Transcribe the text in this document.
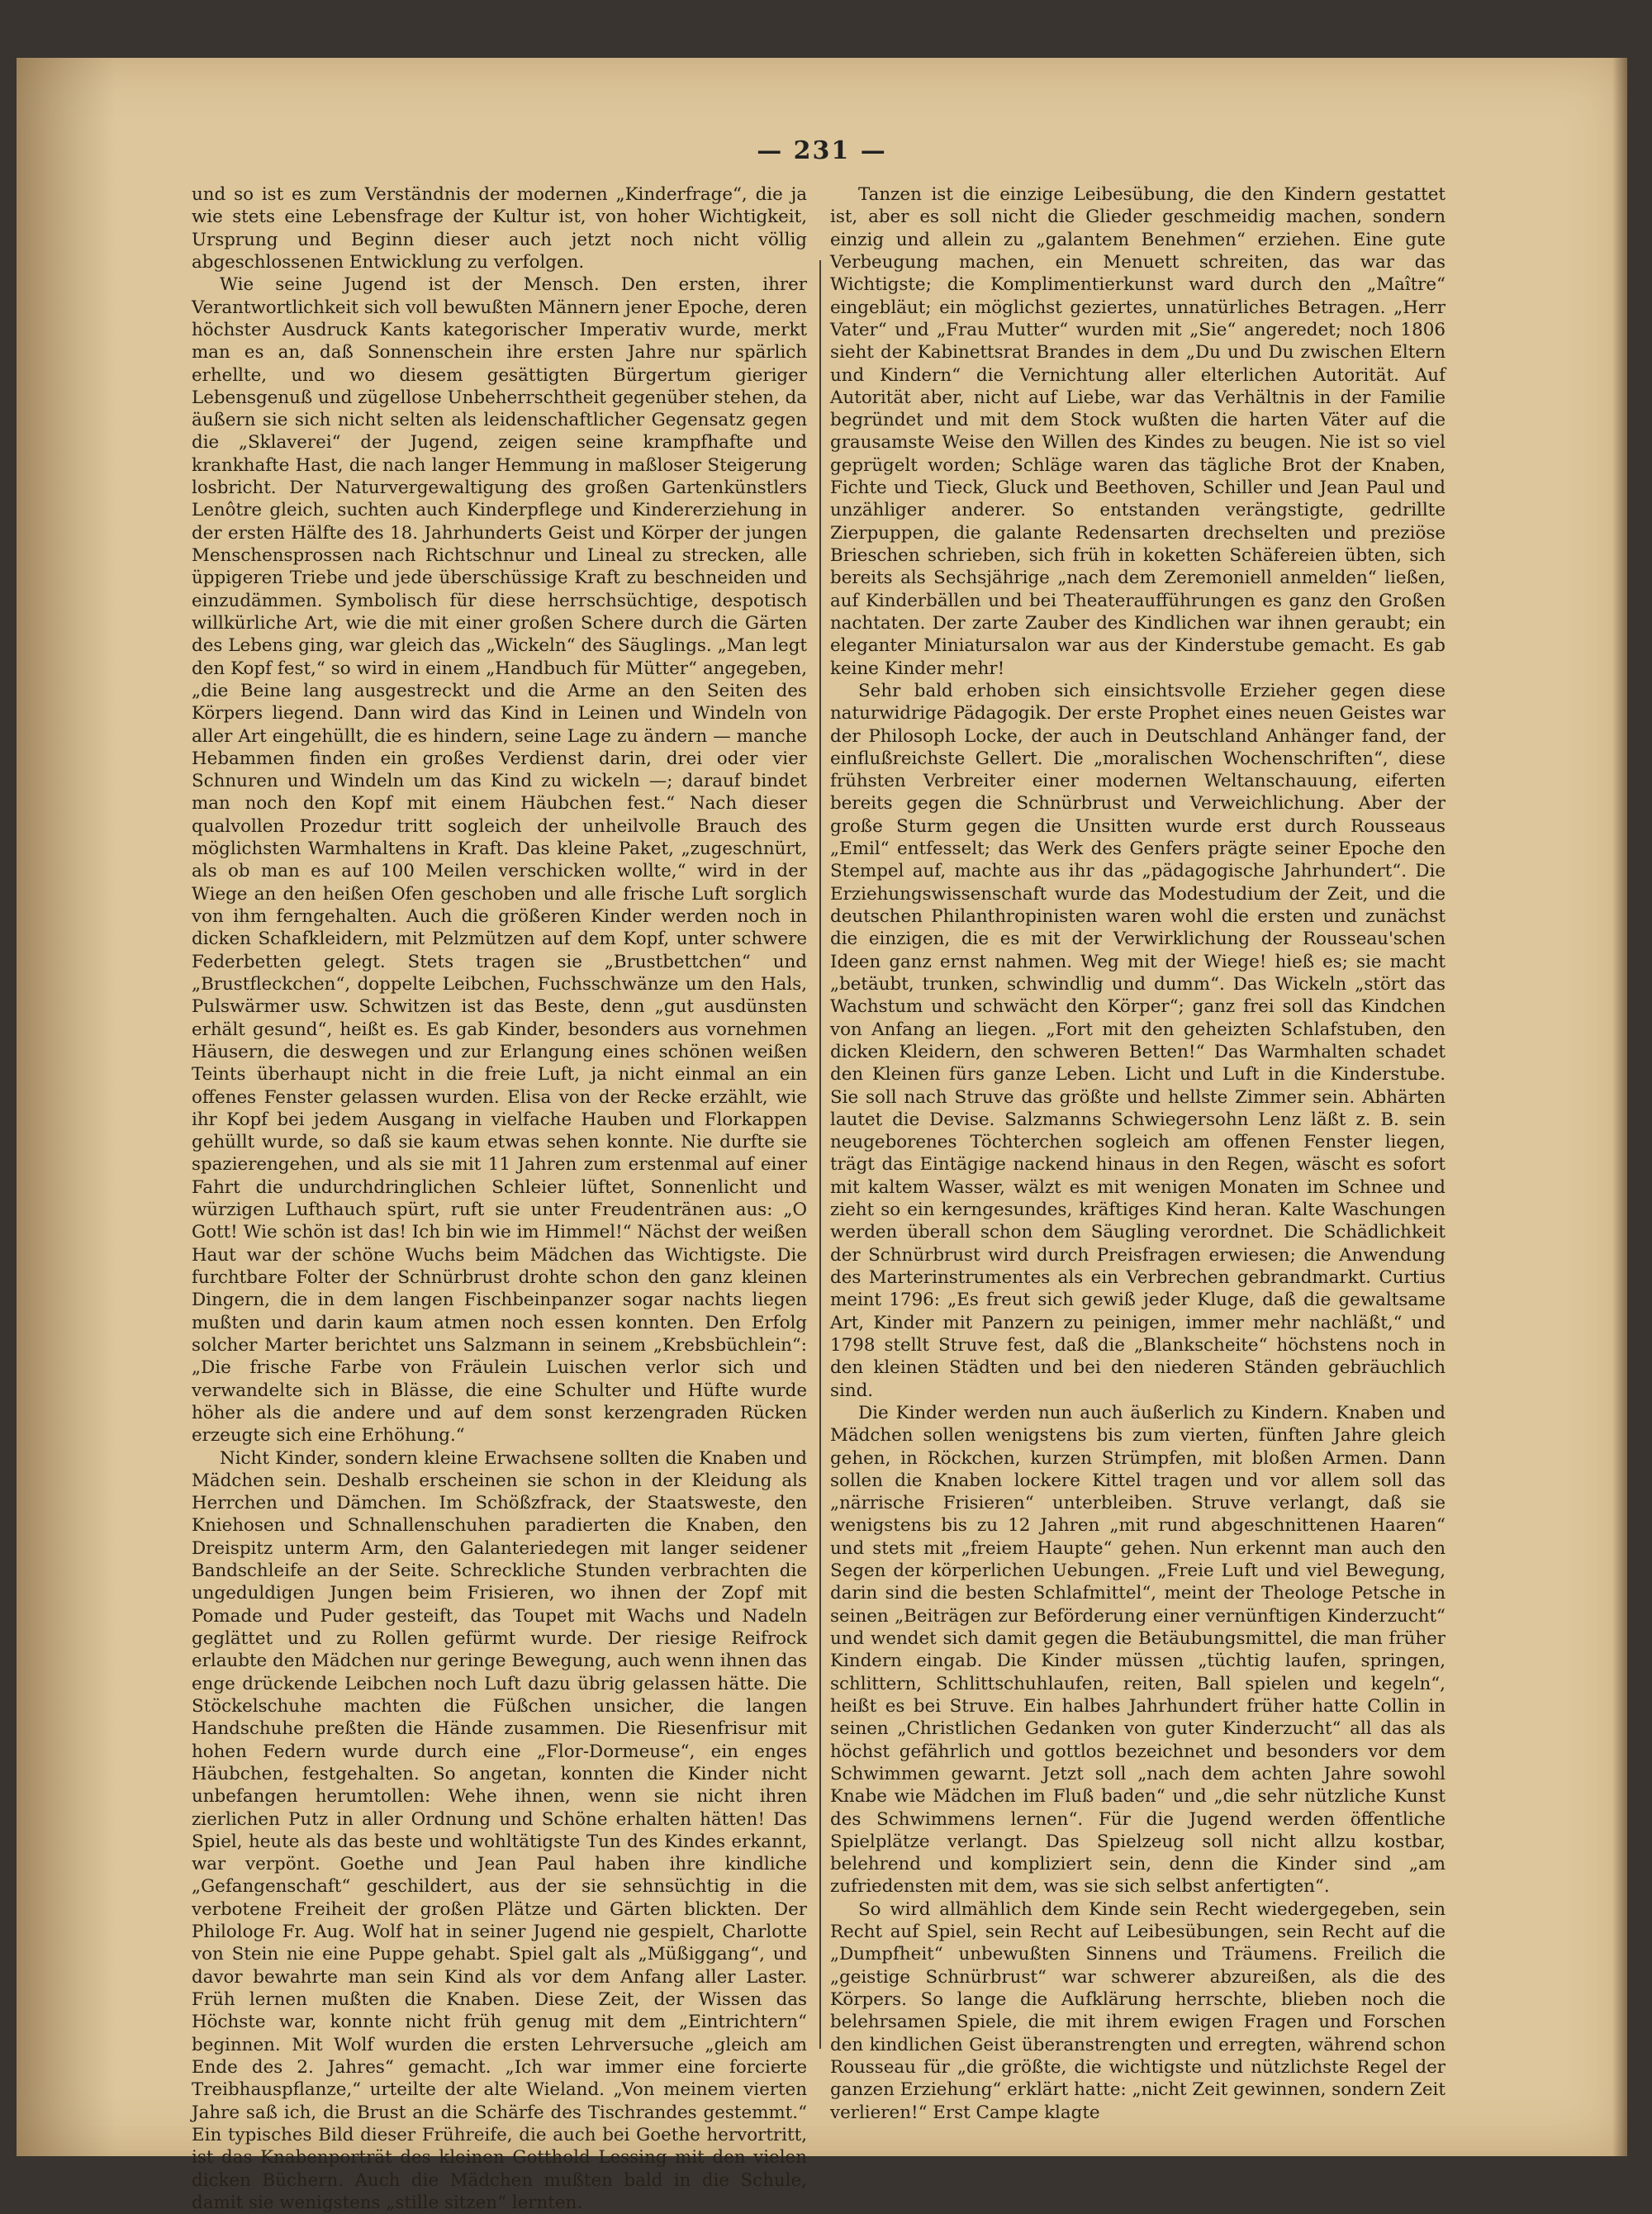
— 231 —

und so ist es zum Verständnis der modernen „Kinderfrage“, die ja wie stets eine Lebensfrage der Kultur ist, von hoher Wichtigkeit, Ursprung und Beginn dieser auch jetzt noch nicht völlig abgeschlossenen Entwicklung zu verfolgen.

Wie seine Jugend ist der Mensch. Den ersten, ihrer Verantwortlichkeit sich voll bewußten Männern jener Epoche, deren höchster Ausdruck Kants kategorischer Imperativ wurde, merkt man es an, daß Sonnenschein ihre ersten Jahre nur spärlich erhellte, und wo diesem gesättigten Bürgertum gieriger Lebensgenuß und zügellose Unbeherrschtheit gegenüber stehen, da äußern sie sich nicht selten als leidenschaftlicher Gegensatz gegen die „Sklaverei“ der Jugend, zeigen seine krampfhafte und krankhafte Hast, die nach langer Hemmung in maßloser Steigerung losbricht. Der Naturvergewaltigung des großen Gartenkünstlers Lenôtre gleich, suchten auch Kinderpflege und Kindererziehung in der ersten Hälfte des 18. Jahrhunderts Geist und Körper der jungen Menschensprossen nach Richtschnur und Lineal zu strecken, alle üppigeren Triebe und jede überschüssige Kraft zu beschneiden und einzudämmen. Symbolisch für diese herrschsüchtige, despotisch willkürliche Art, wie die mit einer großen Schere durch die Gärten des Lebens ging, war gleich das „Wickeln“ des Säuglings. „Man legt den Kopf fest,“ so wird in einem „Handbuch für Mütter“ angegeben, „die Beine lang ausgestreckt und die Arme an den Seiten des Körpers liegend. Dann wird das Kind in Leinen und Windeln von aller Art eingehüllt, die es hindern, seine Lage zu ändern — manche Hebammen finden ein großes Verdienst darin, drei oder vier Schnuren und Windeln um das Kind zu wickeln —; darauf bindet man noch den Kopf mit einem Häubchen fest.“ Nach dieser qualvollen Prozedur tritt sogleich der unheilvolle Brauch des möglichsten Warmhaltens in Kraft. Das kleine Paket, „zugeschnürt, als ob man es auf 100 Meilen verschicken wollte,“ wird in der Wiege an den heißen Ofen geschoben und alle frische Luft sorglich von ihm ferngehalten. Auch die größeren Kinder werden noch in dicken Schafkleidern, mit Pelzmützen auf dem Kopf, unter schwere Federbetten gelegt. Stets tragen sie „Brustbettchen“ und „Brustfleckchen“, doppelte Leibchen, Fuchsschwänze um den Hals, Pulswärmer usw. Schwitzen ist das Beste, denn „gut ausdünsten erhält gesund“, heißt es. Es gab Kinder, besonders aus vornehmen Häusern, die deswegen und zur Erlangung eines schönen weißen Teints überhaupt nicht in die freie Luft, ja nicht einmal an ein offenes Fenster gelassen wurden. Elisa von der Recke erzählt, wie ihr Kopf bei jedem Ausgang in vielfache Hauben und Florkappen gehüllt wurde, so daß sie kaum etwas sehen konnte. Nie durfte sie spazierengehen, und als sie mit 11 Jahren zum erstenmal auf einer Fahrt die undurchdringlichen Schleier lüftet, Sonnenlicht und würzigen Lufthauch spürt, ruft sie unter Freudentränen aus: „O Gott! Wie schön ist das! Ich bin wie im Himmel!“ Nächst der weißen Haut war der schöne Wuchs beim Mädchen das Wichtigste. Die furchtbare Folter der Schnürbrust drohte schon den ganz kleinen Dingern, die in dem langen Fischbeinpanzer sogar nachts liegen mußten und darin kaum atmen noch essen konnten. Den Erfolg solcher Marter berichtet uns Salzmann in seinem „Krebsbüchlein“: „Die frische Farbe von Fräulein Luischen verlor sich und verwandelte sich in Blässe, die eine Schulter und Hüfte wurde höher als die andere und auf dem sonst kerzengraden Rücken erzeugte sich eine Erhöhung.“

Nicht Kinder, sondern kleine Erwachsene sollten die Knaben und Mädchen sein. Deshalb erscheinen sie schon in der Kleidung als Herrchen und Dämchen. Im Schößzfrack, der Staatsweste, den Kniehosen und Schnallenschuhen paradierten die Knaben, den Dreispitz unterm Arm, den Galanteriedegen mit langer seidener Bandschleife an der Seite. Schreckliche Stunden verbrachten die ungeduldigen Jungen beim Frisieren, wo ihnen der Zopf mit Pomade und Puder gesteift, das Toupet mit Wachs und Nadeln geglättet und zu Rollen gefürmt wurde. Der riesige Reifrock erlaubte den Mädchen nur geringe Bewegung, auch wenn ihnen das enge drückende Leibchen noch Luft dazu übrig gelassen hätte. Die Stöckelschuhe machten die Füßchen unsicher, die langen Handschuhe preßten die Hände zusammen. Die Riesenfrisur mit hohen Federn wurde durch eine „Flor-Dormeuse“, ein enges Häubchen, festgehalten. So angetan, konnten die Kinder nicht unbefangen herumtollen: Wehe ihnen, wenn sie nicht ihren zierlichen Putz in aller Ordnung und Schöne erhalten hätten! Das Spiel, heute als das beste und wohltätigste Tun des Kindes erkannt, war verpönt. Goethe und Jean Paul haben ihre kindliche „Gefangenschaft“ geschildert, aus der sie sehnsüchtig in die verbotene Freiheit der großen Plätze und Gärten blickten. Der Philologe Fr. Aug. Wolf hat in seiner Jugend nie gespielt, Charlotte von Stein nie eine Puppe gehabt. Spiel galt als „Müßiggang“, und davor bewahrte man sein Kind als vor dem Anfang aller Laster. Früh lernen mußten die Knaben. Diese Zeit, der Wissen das Höchste war, konnte nicht früh genug mit dem „Eintrichtern“ beginnen. Mit Wolf wurden die ersten Lehrversuche „gleich am Ende des 2. Jahres“ gemacht. „Ich war immer eine forcierte Treibhauspflanze,“ urteilte der alte Wieland. „Von meinem vierten Jahre saß ich, die Brust an die Schärfe des Tischrandes gestemmt.“ Ein typisches Bild dieser Frühreife, die auch bei Goethe hervortritt, ist das Knabenporträt des kleinen Gotthold Lessing mit den vielen dicken Büchern. Auch die Mädchen mußten bald in die Schule, damit sie wenigstens „stille sitzen“ lernten.

Tanzen ist die einzige Leibesübung, die den Kindern gestattet ist, aber es soll nicht die Glieder geschmeidig machen, sondern einzig und allein zu „galantem Benehmen“ erziehen. Eine gute Verbeugung machen, ein Menuett schreiten, das war das Wichtigste; die Komplimentierkunst ward durch den „Maître“ eingebläut; ein möglichst geziertes, unnatürliches Betragen. „Herr Vater“ und „Frau Mutter“ wurden mit „Sie“ angeredet; noch 1806 sieht der Kabinettsrat Brandes in dem „Du und Du zwischen Eltern und Kindern“ die Vernichtung aller elterlichen Autorität. Auf Autorität aber, nicht auf Liebe, war das Verhältnis in der Familie begründet und mit dem Stock wußten die harten Väter auf die grausamste Weise den Willen des Kindes zu beugen. Nie ist so viel geprügelt worden; Schläge waren das tägliche Brot der Knaben, Fichte und Tieck, Gluck und Beethoven, Schiller und Jean Paul und unzähliger anderer. So entstanden verängstigte, gedrillte Zierpuppen, die galante Redensarten drechselten und preziöse Brieschen schrieben, sich früh in koketten Schäfereien übten, sich bereits als Sechsjährige „nach dem Zeremoniell anmelden“ ließen, auf Kinderbällen und bei Theateraufführungen es ganz den Großen nachtaten. Der zarte Zauber des Kindlichen war ihnen geraubt; ein eleganter Miniatursalon war aus der Kinderstube gemacht. Es gab keine Kinder mehr!

Sehr bald erhoben sich einsichtsvolle Erzieher gegen diese naturwidrige Pädagogik. Der erste Prophet eines neuen Geistes war der Philosoph Locke, der auch in Deutschland Anhänger fand, der einflußreichste Gellert. Die „moralischen Wochenschriften“, diese frühsten Verbreiter einer modernen Weltanschauung, eiferten bereits gegen die Schnürbrust und Verweichlichung. Aber der große Sturm gegen die Unsitten wurde erst durch Rousseaus „Emil“ entfesselt; das Werk des Genfers prägte seiner Epoche den Stempel auf, machte aus ihr das „pädagogische Jahrhundert“. Die Erziehungswissenschaft wurde das Modestudium der Zeit, und die deutschen Philanthropinisten waren wohl die ersten und zunächst die einzigen, die es mit der Verwirklichung der Rousseau'schen Ideen ganz ernst nahmen. Weg mit der Wiege! hieß es; sie macht „betäubt, trunken, schwindlig und dumm“. Das Wickeln „stört das Wachstum und schwächt den Körper“; ganz frei soll das Kindchen von Anfang an liegen. „Fort mit den geheizten Schlafstuben, den dicken Kleidern, den schweren Betten!“ Das Warmhalten schadet den Kleinen fürs ganze Leben. Licht und Luft in die Kinderstube. Sie soll nach Struve das größte und hellste Zimmer sein. Abhärten lautet die Devise. Salzmanns Schwiegersohn Lenz läßt z. B. sein neugeborenes Töchterchen sogleich am offenen Fenster liegen, trägt das Eintägige nackend hinaus in den Regen, wäscht es sofort mit kaltem Wasser, wälzt es mit wenigen Monaten im Schnee und zieht so ein kerngesundes, kräftiges Kind heran. Kalte Waschungen werden überall schon dem Säugling verordnet. Die Schädlichkeit der Schnürbrust wird durch Preisfragen erwiesen; die Anwendung des Marterinstrumentes als ein Verbrechen gebrandmarkt. Curtius meint 1796: „Es freut sich gewiß jeder Kluge, daß die gewaltsame Art, Kinder mit Panzern zu peinigen, immer mehr nachläßt,“ und 1798 stellt Struve fest, daß die „Blankscheite“ höchstens noch in den kleinen Städten und bei den niederen Ständen gebräuchlich sind.

Die Kinder werden nun auch äußerlich zu Kindern. Knaben und Mädchen sollen wenigstens bis zum vierten, fünften Jahre gleich gehen, in Röckchen, kurzen Strümpfen, mit bloßen Armen. Dann sollen die Knaben lockere Kittel tragen und vor allem soll das „närrische Frisieren“ unterbleiben. Struve verlangt, daß sie wenigstens bis zu 12 Jahren „mit rund abgeschnittenen Haaren“ und stets mit „freiem Haupte“ gehen. Nun erkennt man auch den Segen der körperlichen Uebungen. „Freie Luft und viel Bewegung, darin sind die besten Schlafmittel“, meint der Theologe Petsche in seinen „Beiträgen zur Beförderung einer vernünftigen Kinderzucht“ und wendet sich damit gegen die Betäubungsmittel, die man früher Kindern eingab. Die Kinder müssen „tüchtig laufen, springen, schlittern, Schlittschuhlaufen, reiten, Ball spielen und kegeln“, heißt es bei Struve. Ein halbes Jahrhundert früher hatte Collin in seinen „Christlichen Gedanken von guter Kinderzucht“ all das als höchst gefährlich und gottlos bezeichnet und besonders vor dem Schwimmen gewarnt. Jetzt soll „nach dem achten Jahre sowohl Knabe wie Mädchen im Fluß baden“ und „die sehr nützliche Kunst des Schwimmens lernen“. Für die Jugend werden öffentliche Spielplätze verlangt. Das Spielzeug soll nicht allzu kostbar, belehrend und kompliziert sein, denn die Kinder sind „am zufriedensten mit dem, was sie sich selbst anfertigten“.

So wird allmählich dem Kinde sein Recht wiedergegeben, sein Recht auf Spiel, sein Recht auf Leibesübungen, sein Recht auf die „Dumpfheit“ unbewußten Sinnens und Träumens. Freilich die „geistige Schnürbrust“ war schwerer abzureißen, als die des Körpers. So lange die Aufklärung herrschte, blieben noch die belehrsamen Spiele, die mit ihrem ewigen Fragen und Forschen den kindlichen Geist überanstrengten und erregten, während schon Rousseau für „die größte, die wichtigste und nützlichste Regel der ganzen Erziehung“ erklärt hatte: „nicht Zeit gewinnen, sondern Zeit verlieren!“ Erst Campe klagte
